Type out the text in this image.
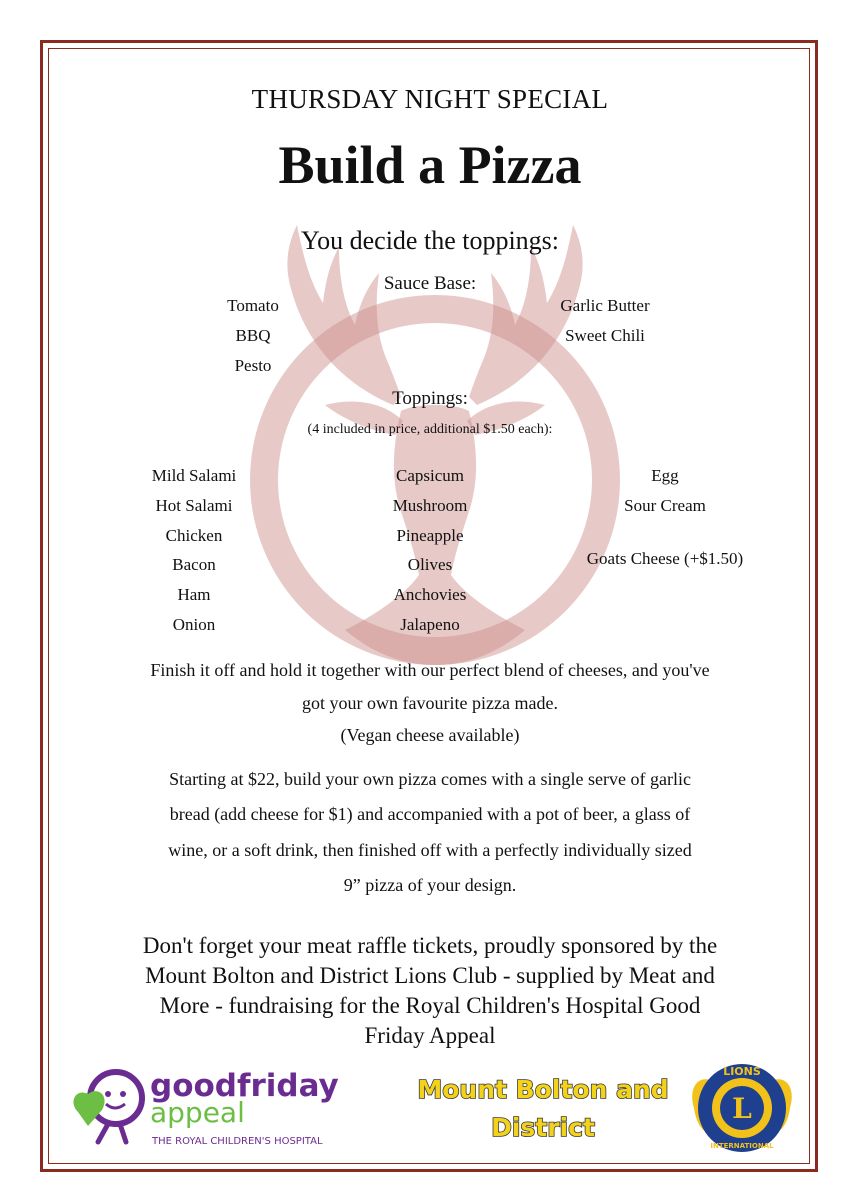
THURSDAY NIGHT SPECIAL
Build a Pizza
You decide the toppings:
Sauce Base:
Tomato
BBQ
Pesto
Garlic Butter
Sweet Chili
Toppings:
(4 included in price, additional $1.50 each):
Mild Salami
Hot Salami
Chicken
Bacon
Ham
Onion
Capsicum
Mushroom
Pineapple
Olives
Anchovies
Jalapeno
Egg
Sour Cream
Goats Cheese (+$1.50)
Finish it off and hold it together with our perfect blend of cheeses, and you've
got your own favourite pizza made.
(Vegan cheese available)
Starting at $22, build your own pizza comes with a single serve of garlic
bread (add cheese for $1) and accompanied with a pot of beer, a glass of
wine, or a soft drink, then finished off with a perfectly individually sized
9” pizza of your design.
Don't forget your meat raffle tickets, proudly sponsored by the
Mount Bolton and District Lions Club - supplied by Meat and
More - fundraising for the Royal Children's Hospital Good
Friday Appeal
goodfriday
appeal
THE ROYAL CHILDREN'S HOSPITAL
Mount Bolton and
District
L
LIONS
INTERNATIONAL
